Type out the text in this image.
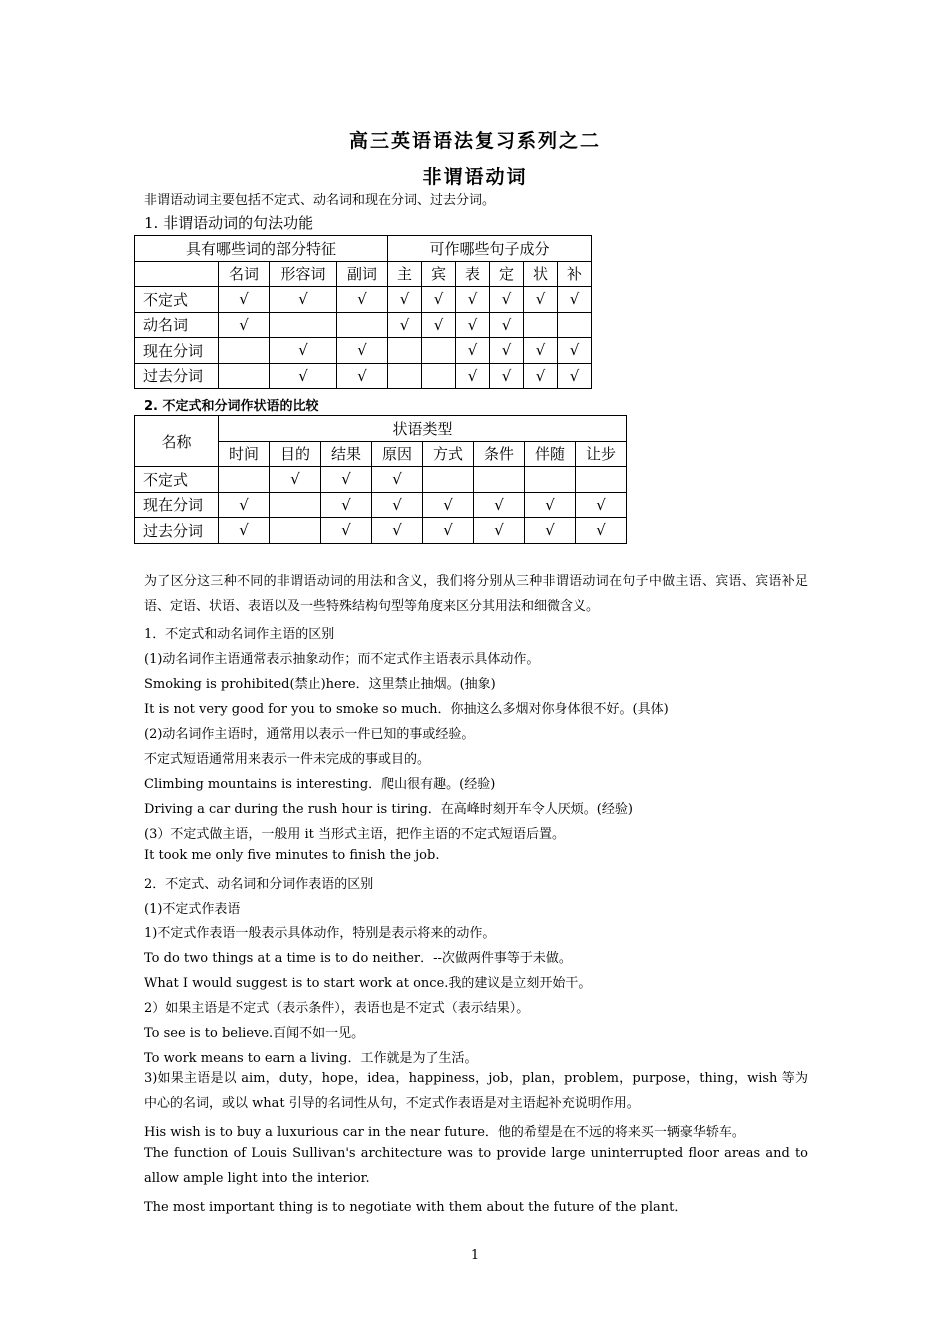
高三英语语法复习系列之二
非谓语动词
非谓语动词主要包括不定式、动名词和现在分词、过去分词。
1. 非谓语动词的句法功能
具有哪些词的部分特征				可作哪些句子成分					
	名词	形容词	副词	主	宾	表	定	状	补
不定式	√	√	√	√	√	√	√	√	√
动名词	√			√	√	√	√		
现在分词		√	√			√	√	√	√
过去分词		√	√			√	√	√	√
2. 不定式和分词作状语的比较
名称	状语类型							
	时间	目的	结果	原因	方式	条件	伴随	让步
不定式		√	√	√				
现在分词	√		√	√	√	√	√	√
过去分词	√		√	√	√	√	√	√
为了区分这三种不同的非谓语动词的用法和含义，我们将分别从三种非谓语动词在句子中做主语、宾语、宾语补足语、定语、状语、表语以及一些特殊结构句型等角度来区分其用法和细微含义。
1．不定式和动名词作主语的区别
(1)动名词作主语通常表示抽象动作；而不定式作主语表示具体动作。
Smoking is prohibited(禁止)here．这里禁止抽烟。(抽象)
It is not very good for you to smoke so much．你抽这么多烟对你身体很不好。(具体)
(2)动名词作主语时，通常用以表示一件已知的事或经验。
不定式短语通常用来表示一件未完成的事或目的。
Climbing mountains is interesting．爬山很有趣。(经验)
Driving a car during the rush hour is tiring．在高峰时刻开车令人厌烦。(经验)
(3）不定式做主语，一般用 it 当形式主语，把作主语的不定式短语后置。
It took me only five minutes to finish the job.
2．不定式、动名词和分词作表语的区别
(1)不定式作表语
1)不定式作表语一般表示具体动作，特别是表示将来的动作。
To do two things at a time is to do neither．--次做两件事等于未做。
What I would suggest is to start work at once.我的建议是立刻开始干。
2）如果主语是不定式（表示条件），表语也是不定式（表示结果）。
To see is to believe.百闻不如一见。
To work means to earn a living．工作就是为了生活。
3)如果主语是以 aim，duty，hope，idea，happiness，job，plan，problem，purpose，thing，wish 等为中心的名词，或以 what 引导的名词性从句，不定式作表语是对主语起补充说明作用。
His wish is to buy a luxurious car in the near future．他的希望是在不远的将来买一辆豪华轿车。
The function of Louis Sullivan's architecture was to provide large uninterrupted floor areas and to allow ample light into the interior.
The most important thing is to negotiate with them about the future of the plant．
1
